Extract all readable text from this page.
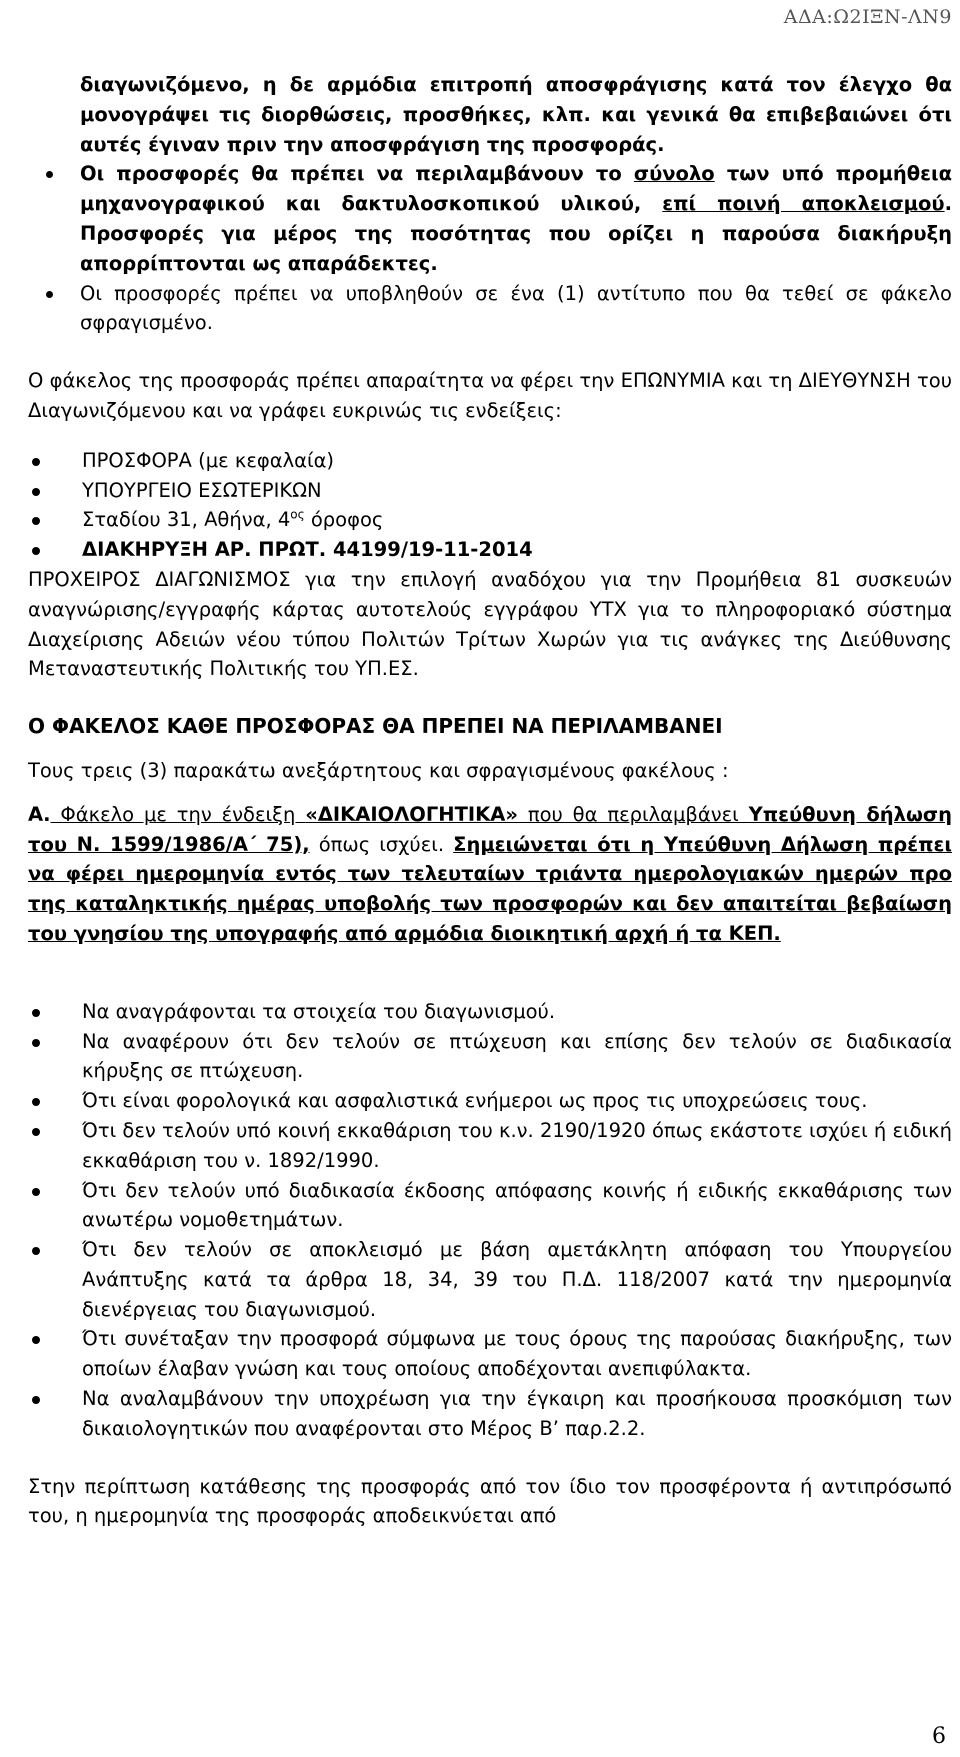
ΑΔΑ:Ω2ΙΞΝ-ΛΝ9

διαγωνιζόμενο, η δε αρμόδια επιτροπή αποσφράγισης κατά τον έλεγχο θα μονογράψει τις διορθώσεις, προσθήκες, κλπ. και γενικά θα επιβεβαιώνει ότι αυτές έγιναν πριν την αποσφράγιση της προσφοράς.

Οι προσφορές θα πρέπει να περιλαμβάνουν το σύνολο των υπό προμήθεια μηχανογραφικού και δακτυλοσκοπικού υλικού, επί ποινή αποκλεισμού. Προσφορές για μέρος της ποσότητας που ορίζει η παρούσα διακήρυξη απορρίπτονται ως απαράδεκτες.
Οι προσφορές πρέπει να υποβληθούν σε ένα (1) αντίτυπο που θα τεθεί σε φάκελο σφραγισμένο.

Ο φάκελος της προσφοράς πρέπει απαραίτητα να φέρει την ΕΠΩΝΥΜΙΑ και τη ΔΙΕΥΘΥΝΣΗ του Διαγωνιζόμενου και να γράφει ευκρινώς τις ενδείξεις:

ΠΡΟΣΦΟΡΑ (με κεφαλαία)
ΥΠΟΥΡΓΕΙΟ ΕΣΩΤΕΡΙΚΩΝ
Σταδίου 31, Αθήνα, $4^{o\varsigma}$ όροφος
ΔΙΑΚΗΡΥΞΗ ΑΡ. ΠΡΩΤ. 44199/19-11-2014

ΠΡΟΧΕΙΡΟΣ ΔΙΑΓΩΝΙΣΜΟΣ για την επιλογή αναδόχου για την Προμήθεια 81 συσκευών αναγνώρισης/εγγραφής κάρτας αυτοτελούς εγγράφου ΥΤΧ για το πληροφοριακό σύστημα Διαχείρισης Αδειών νέου τύπου Πολιτών Τρίτων Χωρών για τις ανάγκες της Διεύθυνσης Μεταναστευτικής Πολιτικής του ΥΠ.ΕΣ.

Ο ΦΑΚΕΛΟΣ ΚΑΘΕ ΠΡΟΣΦΟΡΑΣ ΘΑ ΠΡΕΠΕΙ ΝΑ ΠΕΡΙΛΑΜΒΑΝΕΙ

Τους τρεις (3) παρακάτω ανεξάρτητους και σφραγισμένους φακέλους :

Α. Φάκελο με την ένδειξη «ΔΙΚΑΙΟΛΟΓΗΤΙΚΑ» που θα περιλαμβάνει Υπεύθυνη δήλωση του Ν. 1599/1986/Α΄ 75), όπως ισχύει. Σημειώνεται ότι η Υπεύθυνη Δήλωση πρέπει να φέρει ημερομηνία εντός των τελευταίων τριάντα ημερολογιακών ημερών προ της καταληκτικής ημέρας υποβολής των προσφορών και δεν απαιτείται βεβαίωση του γνησίου της υπογραφής από αρμόδια διοικητική αρχή ή τα ΚΕΠ.

Να αναγράφονται τα στοιχεία του διαγωνισμού.
Να αναφέρουν ότι δεν τελούν σε πτώχευση και επίσης δεν τελούν σε διαδικασία κήρυξης σε πτώχευση.
Ότι είναι φορολογικά και ασφαλιστικά ενήμεροι ως προς τις υποχρεώσεις τους.
Ότι δεν τελούν υπό κοινή εκκαθάριση του κ.ν. 2190/1920 όπως εκάστοτε ισχύει ή ειδική εκκαθάριση του ν. 1892/1990.
Ότι δεν τελούν υπό διαδικασία έκδοσης απόφασης κοινής ή ειδικής εκκαθάρισης των ανωτέρω νομοθετημάτων.
Ότι δεν τελούν σε αποκλεισμό με βάση αμετάκλητη απόφαση του Υπουργείου Ανάπτυξης κατά τα άρθρα 18, 34, 39 του Π.Δ. 118/2007 κατά την ημερομηνία διενέργειας του διαγωνισμού.
Ότι συνέταξαν την προσφορά σύμφωνα με τους όρους της παρούσας διακήρυξης, των οποίων έλαβαν γνώση και τους οποίους αποδέχονται ανεπιφύλακτα.
Να αναλαμβάνουν την υποχρέωση για την έγκαιρη και προσήκουσα προσκόμιση των δικαιολογητικών που αναφέρονται στο Μέρος Β’ παρ.2.2.

Στην περίπτωση κατάθεσης της προσφοράς από τον ίδιο τον προσφέροντα ή αντιπρόσωπό του, η ημερομηνία της προσφοράς αποδεικνύεται από

6
